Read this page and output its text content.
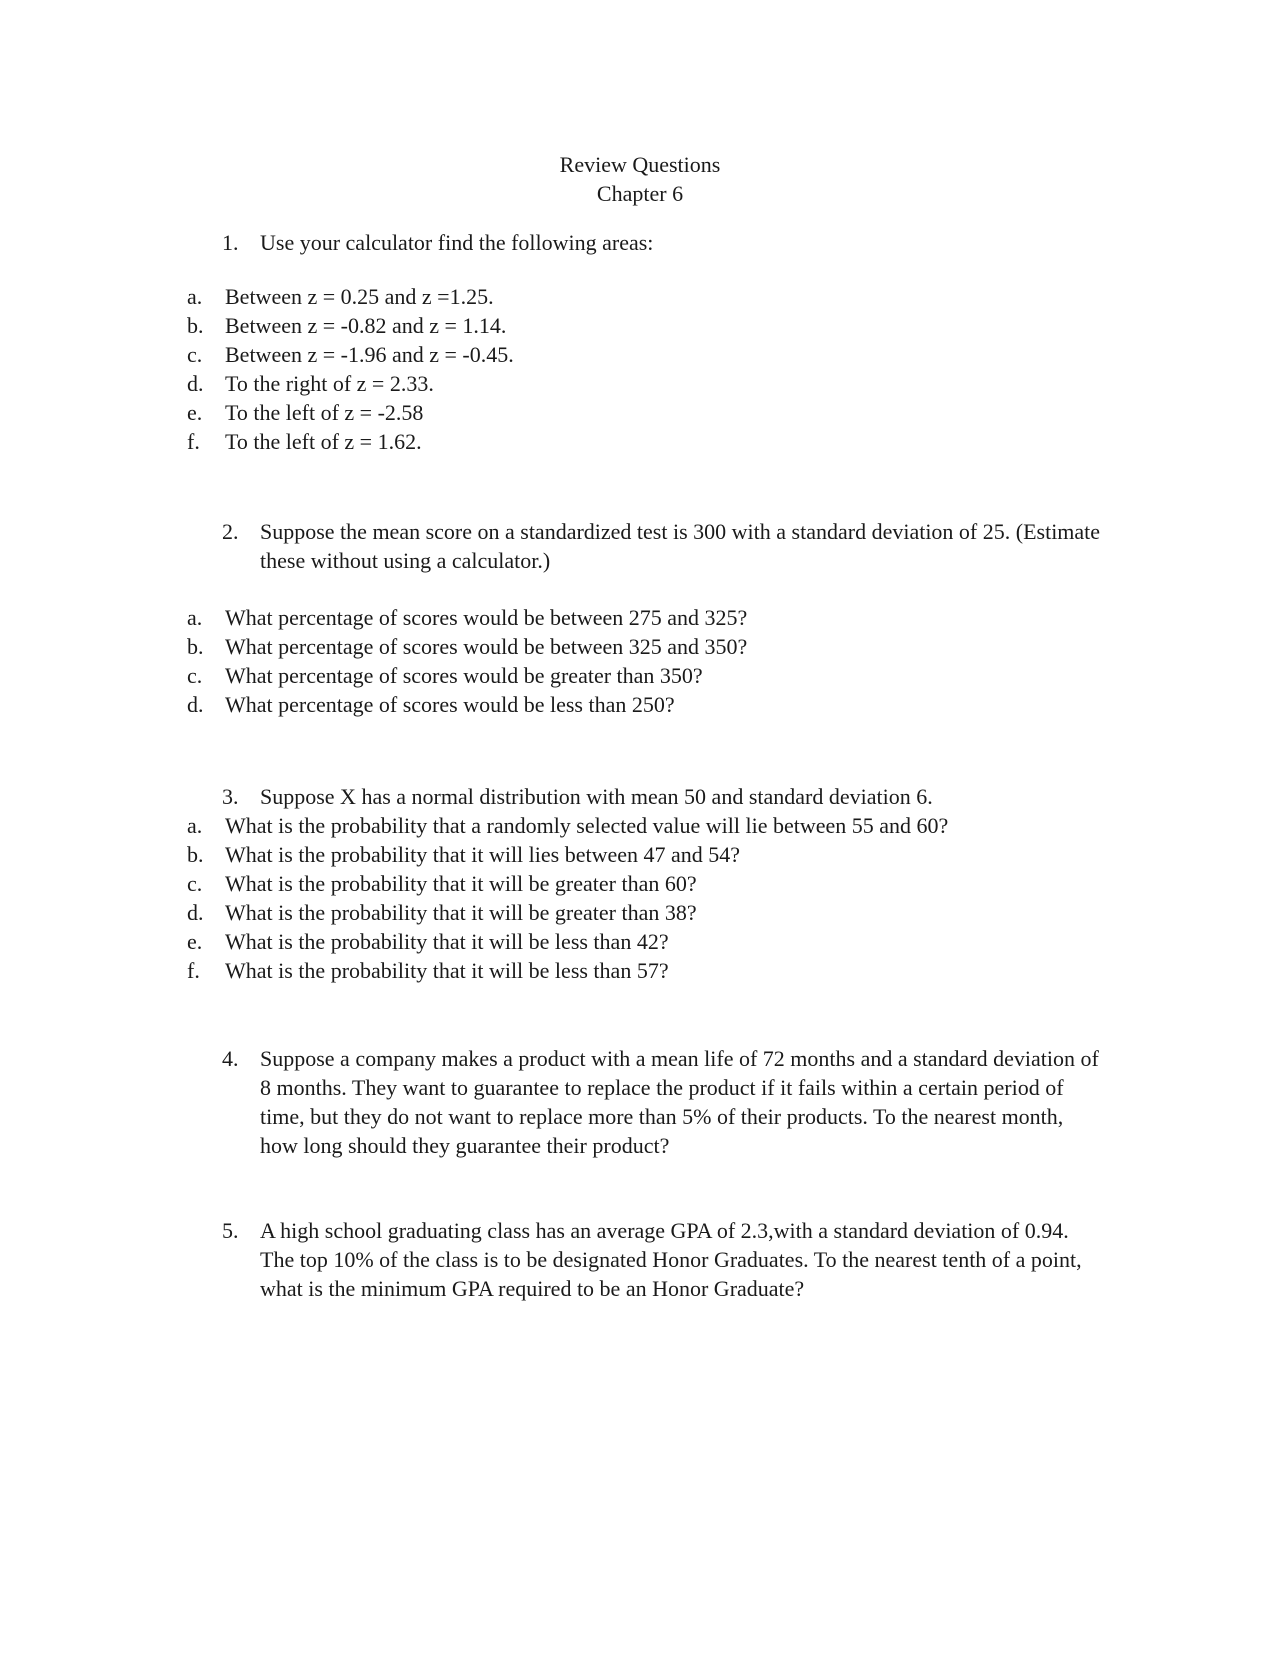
Review Questions
Chapter 6
1. Use your calculator find the following areas:
a.	Between z = 0.25 and z =1.25.
b. Between z = -0.82 and z = 1.14.
c.	Between z = -1.96 and z = -0.45.
d. To the right of z = 2.33.
e.	To the left of z = -2.58
f.	To the left of z = 1.62.
2. Suppose the mean score on a standardized test is 300 with a standard deviation of 25. (Estimate these without using a calculator.)
a.	What percentage of scores would be between 275 and 325?
b. What percentage of scores would be between 325 and 350?
c.	What percentage of scores would be greater than 350?
d. What percentage of scores would be less than 250?
3. Suppose X has a normal distribution with mean 50 and standard deviation 6.
a.	What is the probability that a randomly selected value will lie between 55 and 60?
b. What is the probability that it will lies between 47 and 54?
c.	What is the probability that it will be greater than 60?
d. What is the probability that it will be greater than 38?
e.	What is the probability that it will be less than 42?
f.	What is the probability that it will be less than 57?
4. Suppose a company makes a product with a mean life of 72 months and a standard deviation of 8 months. They want to guarantee to replace the product if it fails within a certain period of time, but they do not want to replace more than 5% of their products. To the nearest month, how long should they guarantee their product?
5. A high school graduating class has an average GPA of 2.3,with a standard deviation of 0.94. The top 10% of the class is to be designated Honor Graduates. To the nearest tenth of a point, what is the minimum GPA required to be an Honor Graduate?
